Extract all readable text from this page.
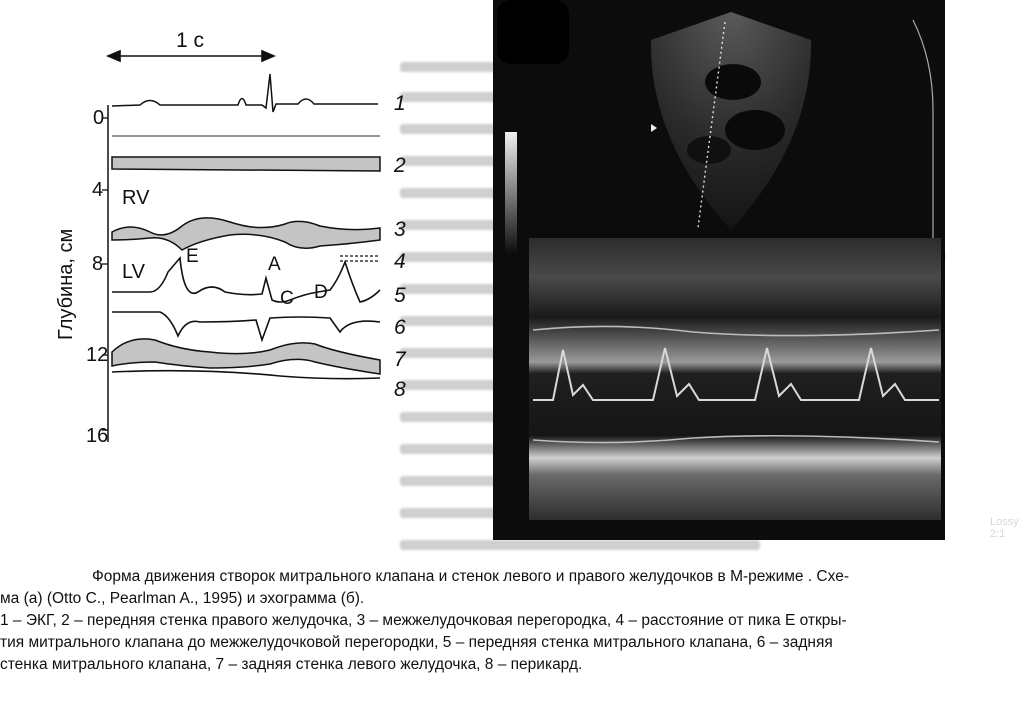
1 с
0
4
8
12
16
Глубина, см
RV
LV
E	A
C D
1
2
3
4
5
6
7
8
Lossy 2:1
Форма движения створок митрального клапана и стенок левого и правого желудочков в М-режиме . Схе-
ма (а) (Otto C., Pearlman A., 1995) и эхограмма (б).
1 – ЭКГ, 2 – передняя стенка правого желудочка, 3 – межжелудочковая перегородка, 4 – расстояние от пика Е откры-
тия митрального клапана до межжелудочковой перегородки, 5 – передняя стенка митрального клапана, 6 – задняя
стенка митрального клапана, 7 – задняя стенка левого желудочка, 8 – перикард.
